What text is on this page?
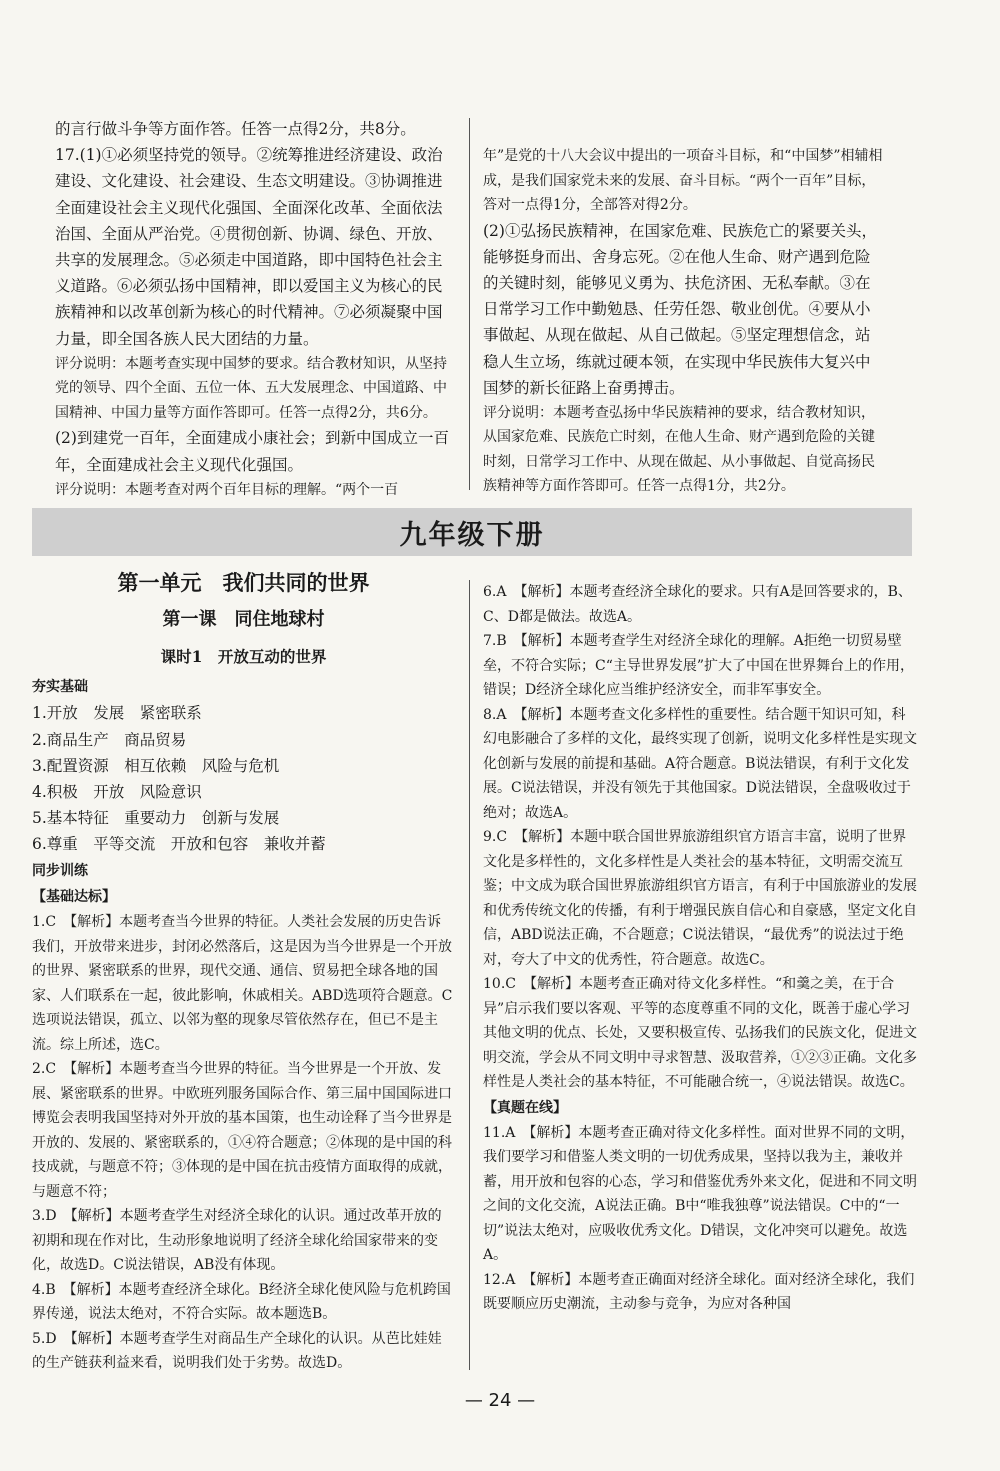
的言行做斗争等方面作答。任答一点得2分，共8分。

17.(1)①必须坚持党的领导。②统筹推进经济建设、政治建设、文化建设、社会建设、生态文明建设。③协调推进全面建设社会主义现代化强国、全面深化改革、全面依法治国、全面从严治党。④贯彻创新、协调、绿色、开放、共享的发展理念。⑤必须走中国道路，即中国特色社会主义道路。⑥必须弘扬中国精神，即以爱国主义为核心的民族精神和以改革创新为核心的时代精神。⑦必须凝聚中国力量，即全国各族人民大团结的力量。

评分说明：本题考查实现中国梦的要求。结合教材知识，从坚持党的领导、四个全面、五位一体、五大发展理念、中国道路、中国精神、中国力量等方面作答即可。任答一点得2分，共6分。

(2)到建党一百年，全面建成小康社会；到新中国成立一百年，全面建成社会主义现代化强国。

评分说明：本题考查对两个百年目标的理解。“两个一百

年”是党的十八大会议中提出的一项奋斗目标，和“中国梦”相辅相成，是我们国家党未来的发展、奋斗目标。“两个一百年”目标，答对一点得1分，全部答对得2分。

(2)①弘扬民族精神，在国家危难、民族危亡的紧要关头，能够挺身而出、舍身忘死。②在他人生命、财产遇到危险的关键时刻，能够见义勇为、扶危济困、无私奉献。③在日常学习工作中勤勉恳、任劳任怨、敬业创优。④要从小事做起、从现在做起、从自己做起。⑤坚定理想信念，站稳人生立场，练就过硬本领，在实现中华民族伟大复兴中国梦的新长征路上奋勇搏击。

评分说明：本题考查弘扬中华民族精神的要求，结合教材知识，从国家危难、民族危亡时刻，在他人生命、财产遇到危险的关键时刻，日常学习工作中、从现在做起、从小事做起、自觉高扬民族精神等方面作答即可。任答一点得1分，共2分。

九年级下册

第一单元　我们共同的世界

第一课　同住地球村

课时1　开放互动的世界

夯实基础
1.开放　发展　紧密联系
2.商品生产　商品贸易
3.配置资源　相互依赖　风险与危机
4.积极　开放　风险意识
5.基本特征　重要动力　创新与发展
6.尊重　平等交流　开放和包容　兼收并蓄
同步训练
【基础达标】

1.C　【解析】本题考查当今世界的特征。人类社会发展的历史告诉我们，开放带来进步，封闭必然落后，这是因为当今世界是一个开放的世界、紧密联系的世界，现代交通、通信、贸易把全球各地的国家、人们联系在一起，彼此影响，休戚相关。ABD选项符合题意。C选项说法错误，孤立、以邻为壑的现象尽管依然存在，但已不是主流。综上所述，选C。

2.C　【解析】本题考查当今世界的特征。当今世界是一个开放、发展、紧密联系的世界。中欧班列服务国际合作、第三届中国国际进口博览会表明我国坚持对外开放的基本国策，也生动诠释了当今世界是开放的、发展的、紧密联系的，①④符合题意；②体现的是中国的科技成就，与题意不符；③体现的是中国在抗击疫情方面取得的成就，与题意不符；

3.D　【解析】本题考查学生对经济全球化的认识。通过改革开放的初期和现在作对比，生动形象地说明了经济全球化给国家带来的变化，故选D。C说法错误，AB没有体现。

4.B　【解析】本题考查经济全球化。B经济全球化使风险与危机跨国界传递，说法太绝对，不符合实际。故本题选B。

5.D　【解析】本题考查学生对商品生产全球化的认识。从芭比娃娃的生产链获利益来看，说明我们处于劣势。故选D。

6.A　【解析】本题考查经济全球化的要求。只有A是回答要求的，B、C、D都是做法。故选A。

7.B　【解析】本题考查学生对经济全球化的理解。A拒绝一切贸易壁垒，不符合实际；C“主导世界发展”扩大了中国在世界舞台上的作用，错误；D经济全球化应当维护经济安全，而非军事安全。

8.A　【解析】本题考查文化多样性的重要性。结合题干知识可知，科幻电影融合了多样的文化，最终实现了创新，说明文化多样性是实现文化创新与发展的前提和基础。A符合题意。B说法错误，有利于文化发展。C说法错误，并没有领先于其他国家。D说法错误，全盘吸收过于绝对；故选A。

9.C　【解析】本题中联合国世界旅游组织官方语言丰富，说明了世界文化是多样性的，文化多样性是人类社会的基本特征，文明需交流互鉴；中文成为联合国世界旅游组织官方语言，有利于中国旅游业的发展和优秀传统文化的传播，有利于增强民族自信心和自豪感，坚定文化自信，ABD说法正确，不合题意；C说法错误，“最优秀”的说法过于绝对，夸大了中文的优秀性，符合题意。故选C。

10.C　【解析】本题考查正确对待文化多样性。“和羹之美，在于合异”启示我们要以客观、平等的态度尊重不同的文化，既善于虚心学习其他文明的优点、长处，又要积极宣传、弘扬我们的民族文化，促进文明交流，学会从不同文明中寻求智慧、汲取营养，①②③正确。文化多样性是人类社会的基本特征，不可能融合统一，④说法错误。故选C。

【真题在线】

11.A　【解析】本题考查正确对待文化多样性。面对世界不同的文明，我们要学习和借鉴人类文明的一切优秀成果，坚持以我为主，兼收并蓄，用开放和包容的心态，学习和借鉴优秀外来文化，促进和不同文明之间的文化交流，A说法正确。B中“唯我独尊”说法错误。C中的“一切”说法太绝对，应吸收优秀文化。D错误，文化冲突可以避免。故选A。

12.A　【解析】本题考查正确面对经济全球化。面对经济全球化，我们既要顺应历史潮流，主动参与竞争，为应对各种国

— 24 —
